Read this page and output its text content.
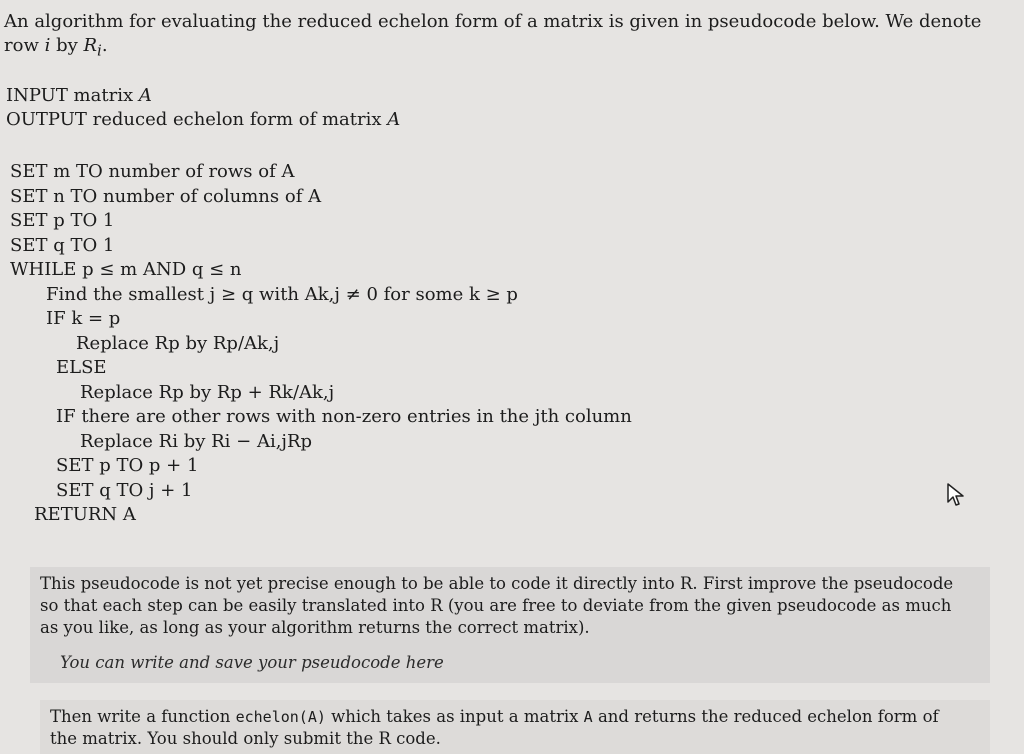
An algorithm for evaluating the reduced echelon form of a matrix is given in pseudocode below. We denote row i by $R_i$.

INPUT matrix A
OUTPUT reduced echelon form of matrix A
SET m TO number of rows of A
SET n TO number of columns of A
SET p TO 1
SET q TO 1
WHILE p ≤ m AND q ≤ n
Find the smallest j ≥ q with Ak,j ≠ 0 for some k ≥ p
IF k = p
Replace Rp by Rp/Ak,j
ELSE
Replace Rp by Rp + Rk/Ak,j
IF there are other rows with non-zero entries in the jth column
Replace Ri by Ri − Ai,jRp
SET p TO p + 1
SET q TO j + 1
RETURN A

This pseudocode is not yet precise enough to be able to code it directly into R. First improve the pseudocode so that each step can be easily translated into R (you are free to deviate from the given pseudocode as much as you like, as long as your algorithm returns the correct matrix).

You can write and save your pseudocode here

Then write a function echelon(A) which takes as input a matrix A and returns the reduced echelon form of the matrix. You should only submit the R code.
